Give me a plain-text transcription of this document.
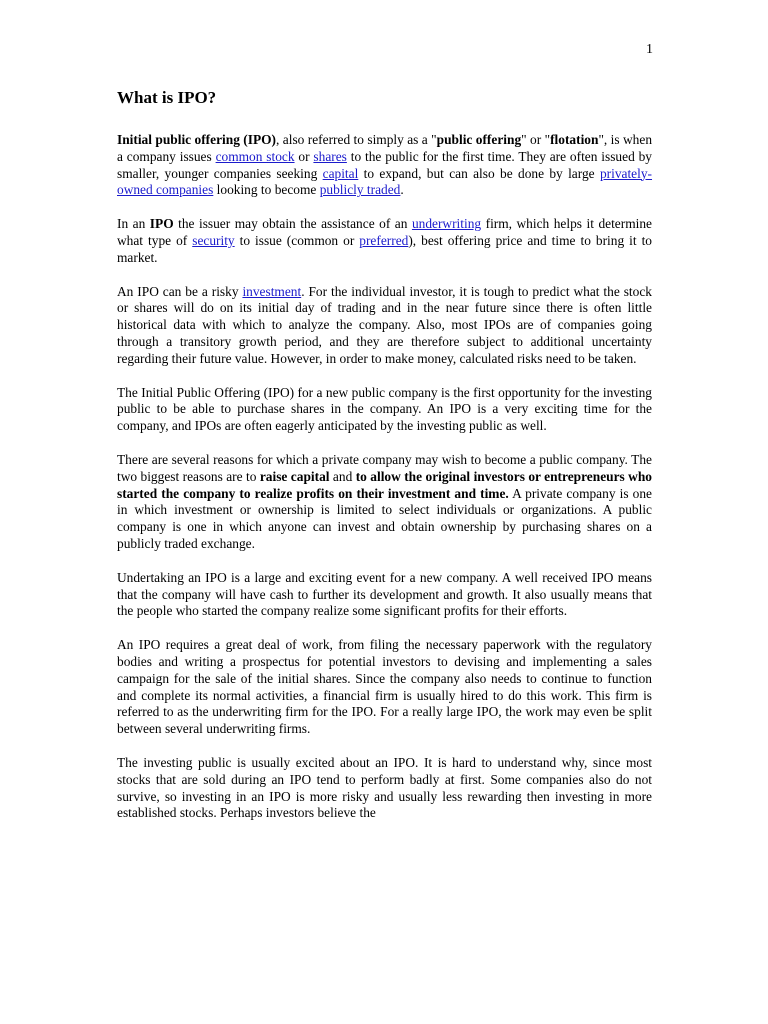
1
What is IPO?

Initial public offering (IPO), also referred to simply as a "public offering" or "flotation", is when a company issues common stock or shares to the public for the first time. They are often issued by smaller, younger companies seeking capital to expand, but can also be done by large privately-owned companies looking to become publicly traded.

In an IPO the issuer may obtain the assistance of an underwriting firm, which helps it determine what type of security to issue (common or preferred), best offering price and time to bring it to market.

An IPO can be a risky investment. For the individual investor, it is tough to predict what the stock or shares will do on its initial day of trading and in the near future since there is often little historical data with which to analyze the company. Also, most IPOs are of companies going through a transitory growth period, and they are therefore subject to additional uncertainty regarding their future value. However, in order to make money, calculated risks need to be taken.

The Initial Public Offering (IPO) for a new public company is the first opportunity for the investing public to be able to purchase shares in the company. An IPO is a very exciting time for the company, and IPOs are often eagerly anticipated by the investing public as well.

There are several reasons for which a private company may wish to become a public company. The two biggest reasons are to raise capital and to allow the original investors or entrepreneurs who started the company to realize profits on their investment and time. A private company is one in which investment or ownership is limited to select individuals or organizations. A public company is one in which anyone can invest and obtain ownership by purchasing shares on a publicly traded exchange.

Undertaking an IPO is a large and exciting event for a new company. A well received IPO means that the company will have cash to further its development and growth. It also usually means that the people who started the company realize some significant profits for their efforts.

An IPO requires a great deal of work, from filing the necessary paperwork with the regulatory bodies and writing a prospectus for potential investors to devising and implementing a sales campaign for the sale of the initial shares. Since the company also needs to continue to function and complete its normal activities, a financial firm is usually hired to do this work. This firm is referred to as the underwriting firm for the IPO. For a really large IPO, the work may even be split between several underwriting firms.

The investing public is usually excited about an IPO. It is hard to understand why, since most stocks that are sold during an IPO tend to perform badly at first. Some companies also do not survive, so investing in an IPO is more risky and usually less rewarding then investing in more established stocks. Perhaps investors believe the
